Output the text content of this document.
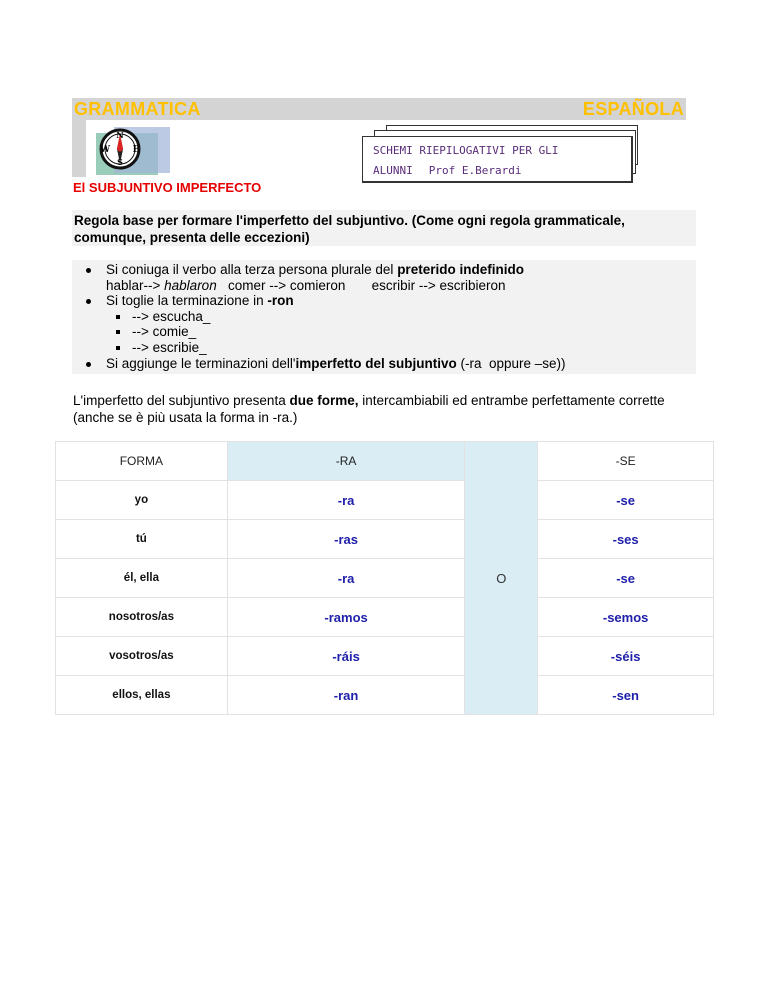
GRAMMATICA	ESPAÑOLA
N
W	E
S
SCHEMI RIEPILOGATIVI PER GLI
ALUNNI Prof E.Berardi
El SUBJUNTIVO IMPERFECTO
Regola base per formare l'imperfetto del subjuntivo. (Come ogni regola grammaticale, comunque, presenta delle eccezioni)
Si coniuga il verbo alla terza persona plurale del preterido indefinido
hablar--> hablaron   comer --> comieron       escribir --> escribieron
Si toglie la terminazione in -ron
--> escucha_
--> comie_
--> escribie_
Si aggiunge le terminazioni dell'imperfetto del subjuntivo (-ra  oppure –se))
L'imperfetto del subjuntivo presenta due forme, intercambiabili ed entrambe perfettamente corrette (anche se è più usata la forma in -ra.)
FORMA	-RA	O	-SE
yo	-ra		-se
tú	-ras		-ses
él, ella	-ra		-se
nosotros/as	-ramos		-semos
vosotros/as	-ráis		-séis
ellos, ellas	-ran		-sen
